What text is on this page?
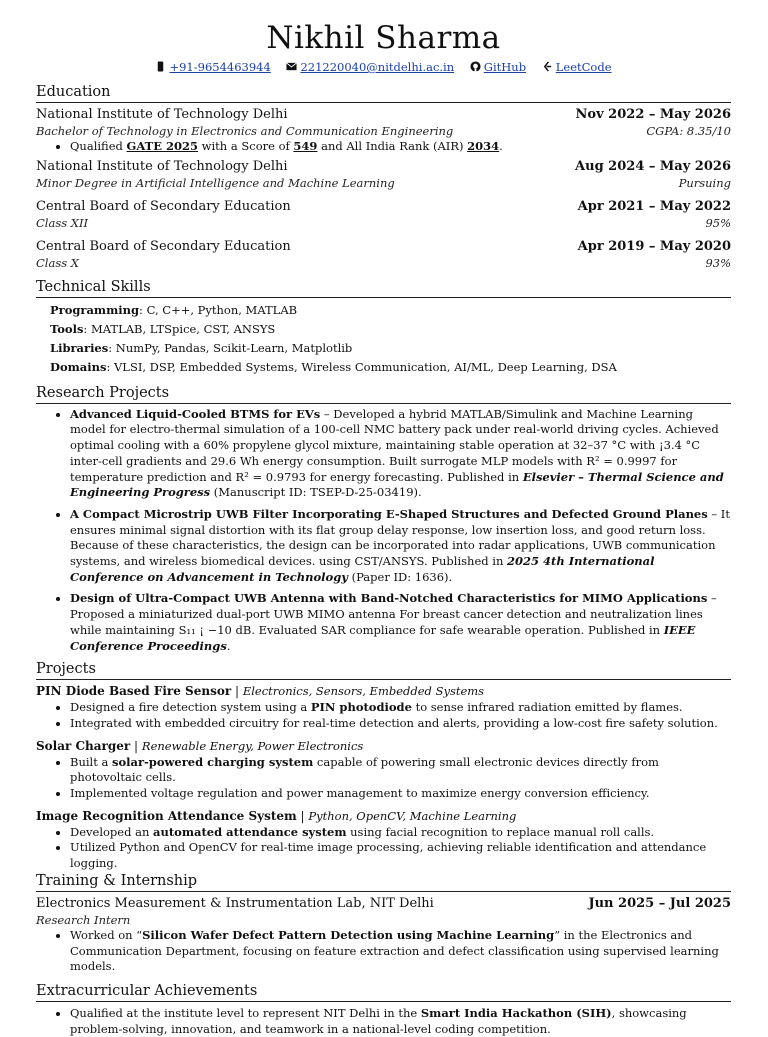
Nikhil Sharma
+91-9654463944	221220040@nitdelhi.ac.in	GitHub	LeetCode
Education
National Institute of Technology Delhi	Nov 2022 – May 2026
Bachelor of Technology in Electronics and Communication Engineering	CGPA: 8.35/10
• Qualified GATE 2025 with a Score of 549 and All India Rank (AIR) 2034.
National Institute of Technology Delhi	Aug 2024 – May 2026
Minor Degree in Artificial Intelligence and Machine Learning	Pursuing
Central Board of Secondary Education	Apr 2021 – May 2022
Class XII	95%
Central Board of Secondary Education	Apr 2019 – May 2020
Class X	93%
Technical Skills
Programming: C, C++, Python, MATLAB
Tools: MATLAB, LTSpice, CST, ANSYS
Libraries: NumPy, Pandas, Scikit-Learn, Matplotlib
Domains: VLSI, DSP, Embedded Systems, Wireless Communication, AI/ML, Deep Learning, DSA
Research Projects
• Advanced Liquid-Cooled BTMS for EVs – Developed a hybrid MATLAB/Simulink and Machine Learning model for electro-thermal simulation of a 100-cell NMC battery pack under real-world driving cycles. Achieved optimal cooling with a 60% propylene glycol mixture, maintaining stable operation at 32–37 °C with ¡3.4 °C inter-cell gradients and 29.6 Wh energy consumption. Built surrogate MLP models with R² = 0.9997 for temperature prediction and R² = 0.9793 for energy forecasting. Published in Elsevier – Thermal Science and Engineering Progress (Manuscript ID: TSEP-D-25-03419).
• A Compact Microstrip UWB Filter Incorporating E-Shaped Structures and Defected Ground Planes – It ensures minimal signal distortion with its flat group delay response, low insertion loss, and good return loss. Because of these characteristics, the design can be incorporated into radar applications, UWB communication systems, and wireless biomedical devices. using CST/ANSYS. Published in 2025 4th International Conference on Advancement in Technology (Paper ID: 1636).
• Design of Ultra-Compact UWB Antenna with Band-Notched Characteristics for MIMO Applications – Proposed a miniaturized dual-port UWB MIMO antenna For breast cancer detection and neutralization lines while maintaining S₁₁ ¡ −10 dB. Evaluated SAR compliance for safe wearable operation. Published in IEEE Conference Proceedings.
Projects
PIN Diode Based Fire Sensor | Electronics, Sensors, Embedded Systems
• Designed a fire detection system using a PIN photodiode to sense infrared radiation emitted by flames.
• Integrated with embedded circuitry for real-time detection and alerts, providing a low-cost fire safety solution.
Solar Charger | Renewable Energy, Power Electronics
• Built a solar-powered charging system capable of powering small electronic devices directly from photovoltaic cells.
• Implemented voltage regulation and power management to maximize energy conversion efficiency.
Image Recognition Attendance System | Python, OpenCV, Machine Learning
• Developed an automated attendance system using facial recognition to replace manual roll calls.
• Utilized Python and OpenCV for real-time image processing, achieving reliable identification and attendance logging.
Training & Internship
Electronics Measurement & Instrumentation Lab, NIT Delhi	Jun 2025 – Jul 2025
Research Intern
• Worked on “Silicon Wafer Defect Pattern Detection using Machine Learning” in the Electronics and Communication Department, focusing on feature extraction and defect classification using supervised learning models.
Extracurricular Achievements
• Qualified at the institute level to represent NIT Delhi in the Smart India Hackathon (SIH), showcasing problem-solving, innovation, and teamwork in a national-level coding competition.
